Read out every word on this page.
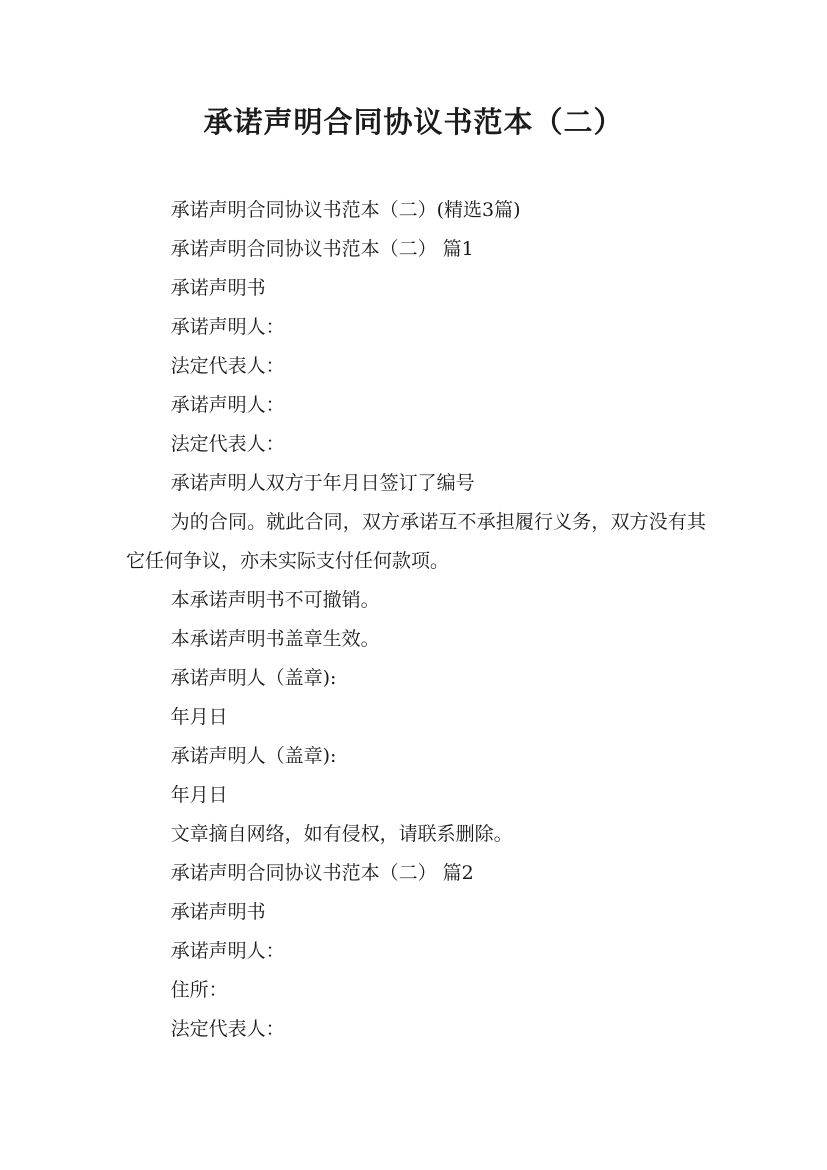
承诺声明合同协议书范本（二）

承诺声明合同协议书范本（二）(精选3篇)

承诺声明合同协议书范本（二） 篇1

承诺声明书

承诺声明人：

法定代表人：

承诺声明人：

法定代表人：

承诺声明人双方于年月日签订了编号

为的合同。就此合同，双方承诺互不承担履行义务，双方没有其它任何争议，亦未实际支付任何款项。

本承诺声明书不可撤销。

本承诺声明书盖章生效。

承诺声明人（盖章):

年月日

承诺声明人（盖章):

年月日

文章摘自网络，如有侵权，请联系删除。

承诺声明合同协议书范本（二） 篇2

承诺声明书

承诺声明人：

住所：

法定代表人：
